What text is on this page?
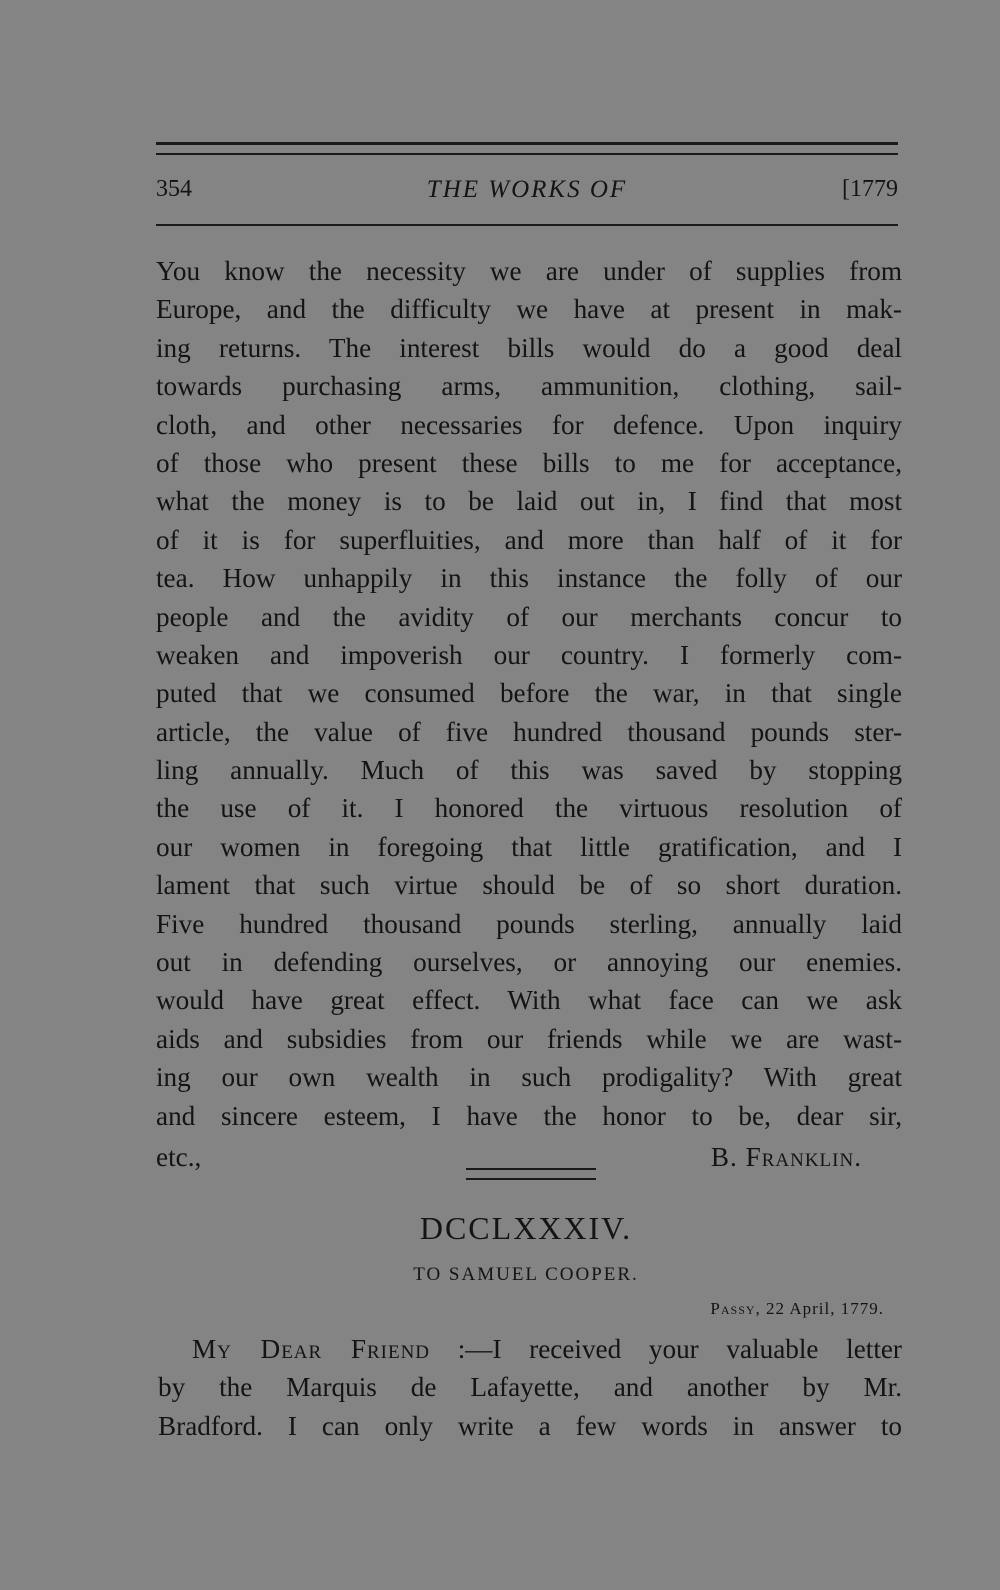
354	THE WORKS OF	[1779
You know the necessity we are under of supplies from
Europe, and the difficulty we have at present in mak-
ing returns. The interest bills would do a good deal
towards purchasing arms, ammunition, clothing, sail-
cloth, and other necessaries for defence. Upon inquiry
of those who present these bills to me for acceptance,
what the money is to be laid out in, I find that most
of it is for superfluities, and more than half of it for
tea. How unhappily in this instance the folly of our
people and the avidity of our merchants concur to
weaken and impoverish our country. I formerly com-
puted that we consumed before the war, in that single
article, the value of five hundred thousand pounds ster-
ling annually. Much of this was saved by stopping
the use of it. I honored the virtuous resolution of
our women in foregoing that little gratification, and I
lament that such virtue should be of so short duration.
Five hundred thousand pounds sterling, annually laid
out in defending ourselves, or annoying our enemies.
would have great effect. With what face can we ask
aids and subsidies from our friends while we are wast-
ing our own wealth in such prodigality? With great
and sincere esteem, I have the honor to be, dear sir,
etc.,	B. Franklin.
DCCLXXXIV.
TO SAMUEL COOPER.
Passy, 22 April, 1779.
My Dear Friend :—I received your valuable letter
by the Marquis de Lafayette, and another by Mr.
Bradford. I can only write a few words in answer to
